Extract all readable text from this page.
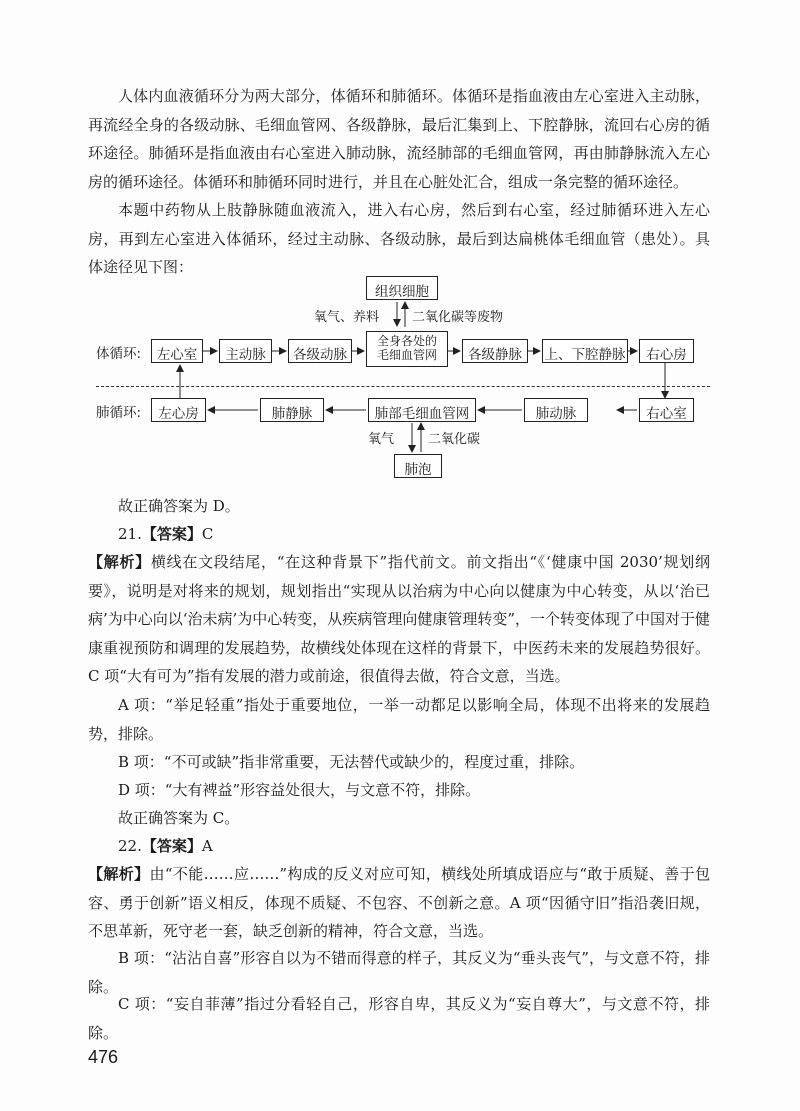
人体内血液循环分为两大部分，体循环和肺循环。体循环是指血液由左心室进入主动脉，再流经全身的各级动脉、毛细血管网、各级静脉，最后汇集到上、下腔静脉，流回右心房的循环途径。肺循环是指血液由右心室进入肺动脉，流经肺部的毛细血管网，再由肺静脉流入左心房的循环途径。体循环和肺循环同时进行，并且在心脏处汇合，组成一条完整的循环途径。

本题中药物从上肢静脉随血液流入，进入右心房，然后到右心室，经过肺循环进入左心房，再到左心室进入体循环，经过主动脉、各级动脉，最后到达扁桃体毛细血管（患处）。具体途径见下图：

体循环:
肺循环:
组织细胞
氧气、养料	二氧化碳等废物
左心室	主动脉	各级动脉
全身各处的
毛细血管网	各级静脉	上、下腔静脉	右心房
左心房	肺静脉	肺部毛细血管网	肺动脉	右心室
氧气	二氧化碳
肺泡

故正确答案为 D。

21.【答案】C

【解析】横线在文段结尾，“在这种背景下”指代前文。前文指出“《‘健康中国 2030’规划纲要》，说明是对将来的规划，规划指出“实现从以治病为中心向以健康为中心转变，从以‘治已病’为中心向以‘治未病’为中心转变，从疾病管理向健康管理转变”，一个转变体现了中国对于健康重视预防和调理的发展趋势，故横线处体现在这样的背景下，中医药未来的发展趋势很好。C 项“大有可为”指有发展的潜力或前途，很值得去做，符合文意，当选。

A 项：“举足轻重”指处于重要地位，一举一动都足以影响全局，体现不出将来的发展趋势，排除。

B 项：“不可或缺”指非常重要，无法替代或缺少的，程度过重，排除。

D 项：“大有裨益”形容益处很大，与文意不符，排除。

故正确答案为 C。

22.【答案】A

【解析】由“不能……应……”构成的反义对应可知，横线处所填成语应与“敢于质疑、善于包容、勇于创新”语义相反，体现不质疑、不包容、不创新之意。A 项“因循守旧”指沿袭旧规，不思革新，死守老一套，缺乏创新的精神，符合文意，当选。

B 项：“沾沾自喜”形容自以为不错而得意的样子，其反义为“垂头丧气”，与文意不符，排除。

C 项：“妄自菲薄”指过分看轻自己，形容自卑，其反义为“妄自尊大”，与文意不符，排除。

476
